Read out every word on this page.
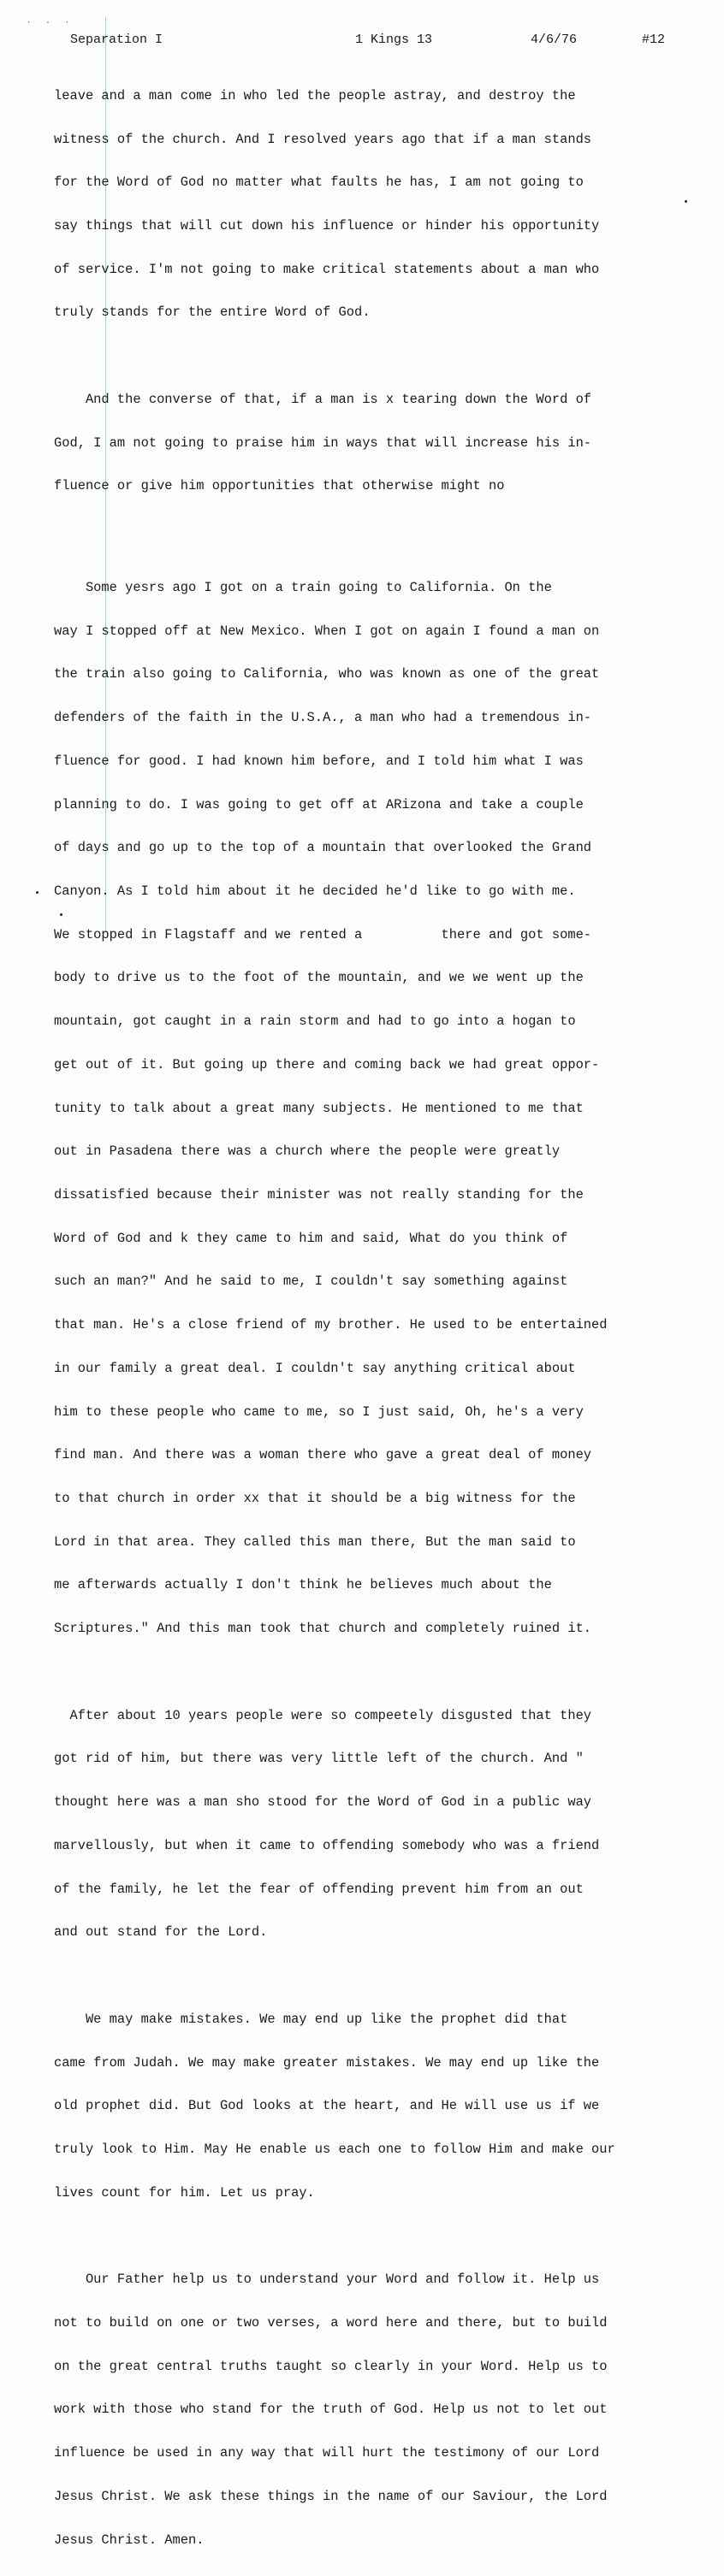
˙ ˙ ˙
Separation I	1 Kings 13	4/6/76	#12

leave and a man come in who led the people astray, and destroy the

witness of the church. And I resolved years ago that if a man stands

for the Word of God no matter what faults he has, I am not going to

say things that will cut down his influence or hinder his opportunity

of service. I'm not going to make critical statements about a man who

truly stands for the entire Word of God.

And the converse of that, if a man is x tearing down the Word of

God, I am not going to praise him in ways that will increase his in-

fluence or give him opportunities that otherwise might no

Some yesrs ago I got on a train going to California. On the

way I stopped off at New Mexico. When I got on again I found a man on

the train also going to California, who was known as one of the great

defenders of the faith in the U.S.A., a man who had a tremendous in-

fluence for good. I had known him before, and I told him what I was

planning to do. I was going to get off at ARizona and take a couple

of days and go up to the top of a mountain that overlooked the Grand

Canyon. As I told him about it he decided he'd like to go with me.

We stopped in Flagstaff and we rented a          there and got some-

body to drive us to the foot of the mountain, and we we went up the

mountain, got caught in a rain storm and had to go into a hogan to

get out of it. But going up there and coming back we had great oppor-

tunity to talk about a great many subjects. He mentioned to me that

out in Pasadena there was a church where the people were greatly

dissatisfied because their minister was not really standing for the

Word of God and k they came to him and said, What do you think of

such an man?" And he said to me, I couldn't say something against

that man. He's a close friend of my brother. He used to be entertained

in our family a great deal. I couldn't say anything critical about

him to these people who came to me, so I just said, Oh, he's a very

find man. And there was a woman there who gave a great deal of money

to that church in order xx that it should be a big witness for the

Lord in that area. They called this man there, But the man said to

me afterwards actually I don't think he believes much about the

Scriptures." And this man took that church and completely ruined it.

After about 10 years people were so compeetely disgusted that they

got rid of him, but there was very little left of the church. And "

thought here was a man sho stood for the Word of God in a public way

marvellously, but when it came to offending somebody who was a friend

of the family, he let the fear of offending prevent him from an out

and out stand for the Lord.

We may make mistakes. We may end up like the prophet did that

came from Judah. We may make greater mistakes. We may end up like the

old prophet did. But God looks at the heart, and He will use us if we

truly look to Him. May He enable us each one to follow Him and make our

lives count for him. Let us pray.

Our Father help us to understand your Word and follow it. Help us

not to build on one or two verses, a word here and there, but to build

on the great central truths taught so clearly in your Word. Help us to

work with those who stand for the truth of God. Help us not to let out

influence be used in any way that will hurt the testimony of our Lord

Jesus Christ. We ask these things in the name of our Saviour, the Lord

Jesus Christ. Amen.
